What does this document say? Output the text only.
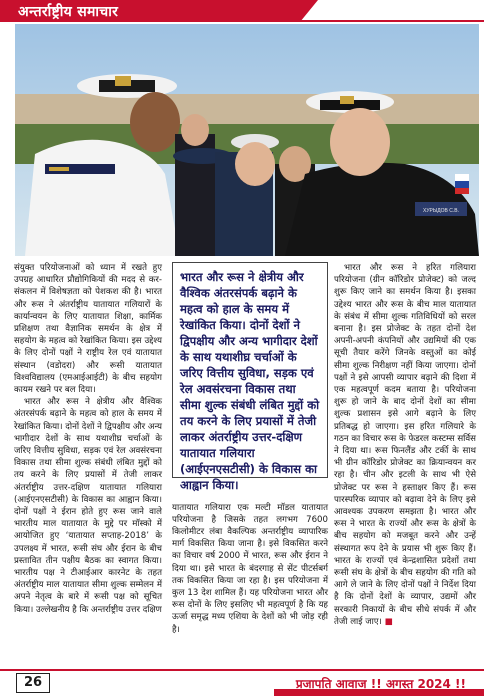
अन्तर्राष्ट्रीय समाचार
ХУРЫДОВ С.В.

संयुक्त परियोजनाओं को ध्यान में रखते हुए उपग्रह आधारित प्रौद्योगिकियों की मदद से कर-संकलन में विशेषज्ञता को पेशकश की है। भारत और रूस ने अंतर्राष्ट्रीय यातायात गलियारों के कार्यान्वयन के लिए यातायात शिक्षा, कार्मिक प्रशिक्षण तथा वैज्ञानिक समर्थन के क्षेत्र में सहयोग के महत्व को रेखांकित किया। इस उद्देश्य के लिए दोनों पक्षों ने राष्ट्रीय रेल एवं यातायात संस्थान (वडोदरा) और रूसी यातायात विश्वविद्यालय (एमआईआईटी) के बीच सहयोग कायम रखने पर बल दिया।

भारत और रूस ने क्षेत्रीय और वैश्विक अंतरसंपर्क बढ़ाने के महत्व को हाल के समय में रेखांकित किया। दोनों देशों ने द्विपक्षीय और अन्य भागीदार देशों के साथ यथाशीघ्र चर्चाओं के जरिए वित्तीय सुविधा, सड़क एवं रेल अवसंरचना विकास तथा सीमा शुल्क संबंधी लंबित मुद्दों को तय करने के लिए प्रयासों में तेजी लाकर अंतर्राष्ट्रीय उत्तर-दक्षिण यातायात गलियारा (आईएनएसटीसी) के विकास का आह्वान किया। दोनों पक्षों ने ईरान होते हुए रूस जाने वाले भारतीय माल यातायात के मुद्दे पर मॉस्को में आयोजित हुए ‘यातायात सप्ताह-2018’ के उपलक्ष्य में भारत, रूसी संघ और ईरान के बीच प्रस्तावित तीन पक्षीय बैठक का स्वागत किया। भारतीय पक्ष ने टीआईआर कारनेट के तहत अंतर्राष्ट्रीय माल यातायात सीमा शुल्क सम्मेलन में अपने नेतृत्व के बारे में रूसी पक्ष को सूचित किया। उल्लेखनीय है कि अन्तर्राष्ट्रीय उत्तर दक्षिण

भारत और रूस ने क्षेत्रीय और वैश्विक अंतरसंपर्क बढ़ाने के महत्व को हाल के समय में रेखांकित किया। दोनों देशों ने द्विपक्षीय और अन्य भागीदार देशों के साथ यथाशीघ्र चर्चाओं के जरिए वित्तीय सुविधा, सड़क एवं रेल अवसंरचना विकास तथा सीमा शुल्क संबंधी लंबित मुद्दों को तय करने के लिए प्रयासों में तेजी लाकर अंतर्राष्ट्रीय उत्तर-दक्षिण यातायात गलियारा (आईएनएसटीसी) के विकास का आह्वान किया।

यातायात गलियारा एक मल्टी मॉडल यातायात परियोजना है जिसके तहत लगभग 7600 किलोमीटर लंबा वैकल्पिक अन्तर्राष्ट्रीय व्यापारिक मार्ग विकसित किया जाना है। इसे विकसित करने का विचार वर्ष 2000 में भारत, रूस और ईरान ने दिया था। इसे भारत के बंदरगाह से सेंट पीटर्सबर्ग तक विकसित किया जा रहा है। इस परियोजना में कुल 13 देश शामिल हैं। यह परियोजना भारत और रूस दोनों के लिए इसलिए भी महत्वपूर्ण है कि यह ऊर्जा समृद्ध मध्य एशिया के देशों को भी जोड़ रही है।

भारत और रूस ने हरित गलियारा परियोजना (ग्रीन कॉरिडोर प्रोजेक्ट) को जल्द शुरू किए जाने का समर्थन किया है। इसका उद्देश्य भारत और रूस के बीच माल यातायात के संबंध में सीमा शुल्क गतिविधियों को सरल बनाना है। इस प्रोजेक्ट के तहत दोनों देश अपनी-अपनी कंपनियों और उद्यमियों की एक सूची तैयार करेंगे जिनके वस्तुओं का कोई सीमा शुल्क निरीक्षण नहीं किया जाएगा। दोनों पक्षों ने इसे आपसी व्यापार बढ़ाने की दिशा में एक महत्वपूर्ण कदम बताया है। परियोजना शुरू हो जाने के बाद दोनों देशों का सीमा शुल्क प्रशासन इसे आगे बढ़ाने के लिए प्रतिबद्ध हो जाएगा। इस हरित गलियारे के गठन का विचार रूस के फेडरल कस्टम्स सर्विस ने दिया था। रूस फिनलैंड और टर्की के साथ भी ग्रीन कॉरिडोर प्रोजेक्ट का क्रियान्वयन कर रहा है। चीन और इटली के साथ भी ऐसे प्रोजेक्ट पर रूस ने हस्ताक्षर किए हैं। रूस पारस्परिक व्यापार को बढ़ावा देने के लिए इसे आवश्यक उपकरण समझता है। भारत और रूस ने भारत के राज्यों और रूस के क्षेत्रों के बीच सहयोग को मजबूत करने और उन्हें संस्थागत रूप देने के प्रयास भी शुरू किए हैं। भारत के राज्यों एवं केन्द्रशासित प्रदेशों तथा रूसी संघ के क्षेत्रों के बीच सहयोग की गति को आगे ले जाने के लिए दोनों पक्षों ने निर्देश दिया है कि दोनों देशों के व्यापार, उद्यमों और सरकारी निकायों के बीच सीधे संपर्क में और तेजी लाई जाए। ■

26	प्रजापति आवाज !! अगस्त 2024 !!
